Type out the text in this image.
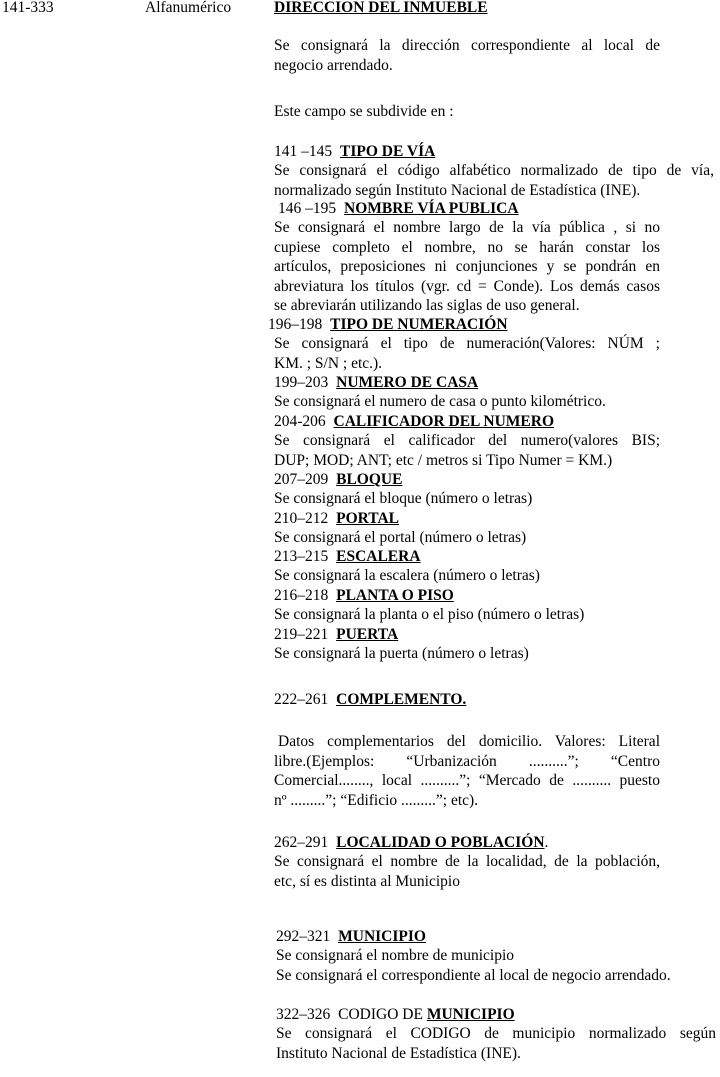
141-333	Alfanumérico	DIRECCION DEL INMUEBLE
Se consignará la dirección correspondiente al local de
negocio arrendado.
Este campo se subdivide en :
141 –145 TIPO DE VÍA
Se consignará el código alfabético normalizado de tipo de vía,
normalizado según Instituto Nacional de Estadística (INE).
146 –195 NOMBRE VÍA PUBLICA
Se consignará el nombre largo de la vía pública , si no
cupiese completo el nombre, no se harán constar los
artículos, preposiciones ni conjunciones y se pondrán en
abreviatura los títulos (vgr. cd = Conde). Los demás casos
se abreviarán utilizando las siglas de uso general.
196–198 TIPO DE NUMERACIÓN
Se consignará el tipo de numeración(Valores: NÚM ;
KM. ; S/N ; etc.).
199–203 NUMERO DE CASA
Se consignará el numero de casa o punto kilométrico.
204-206 CALIFICADOR DEL NUMERO
Se consignará el calificador del numero(valores BIS;
DUP; MOD; ANT; etc / metros si Tipo Numer = KM.)
207–209 BLOQUE
Se consignará el bloque (número o letras)
210–212 PORTAL
Se consignará el portal (número o letras)
213–215 ESCALERA
Se consignará la escalera (número o letras)
216–218 PLANTA O PISO
Se consignará la planta o el piso (número o letras)
219–221 PUERTA
Se consignará la puerta (número o letras)
222–261 COMPLEMENTO.
Datos complementarios del domicilio. Valores: Literal
libre.(Ejemplos: “Urbanización ..........”; “Centro
Comercial........, local ..........”; “Mercado de .......... puesto
nº .........”; “Edificio .........”; etc).
262–291 LOCALIDAD O POBLACIÓN.
Se consignará el nombre de la localidad, de la población,
etc, sí es distinta al Municipio
292–321 MUNICIPIO
Se consignará el nombre de municipio
Se consignará el correspondiente al local de negocio arrendado.
322–326 CODIGO DE MUNICIPIO
Se consignará el CODIGO de municipio normalizado según
Instituto Nacional de Estadística (INE).
